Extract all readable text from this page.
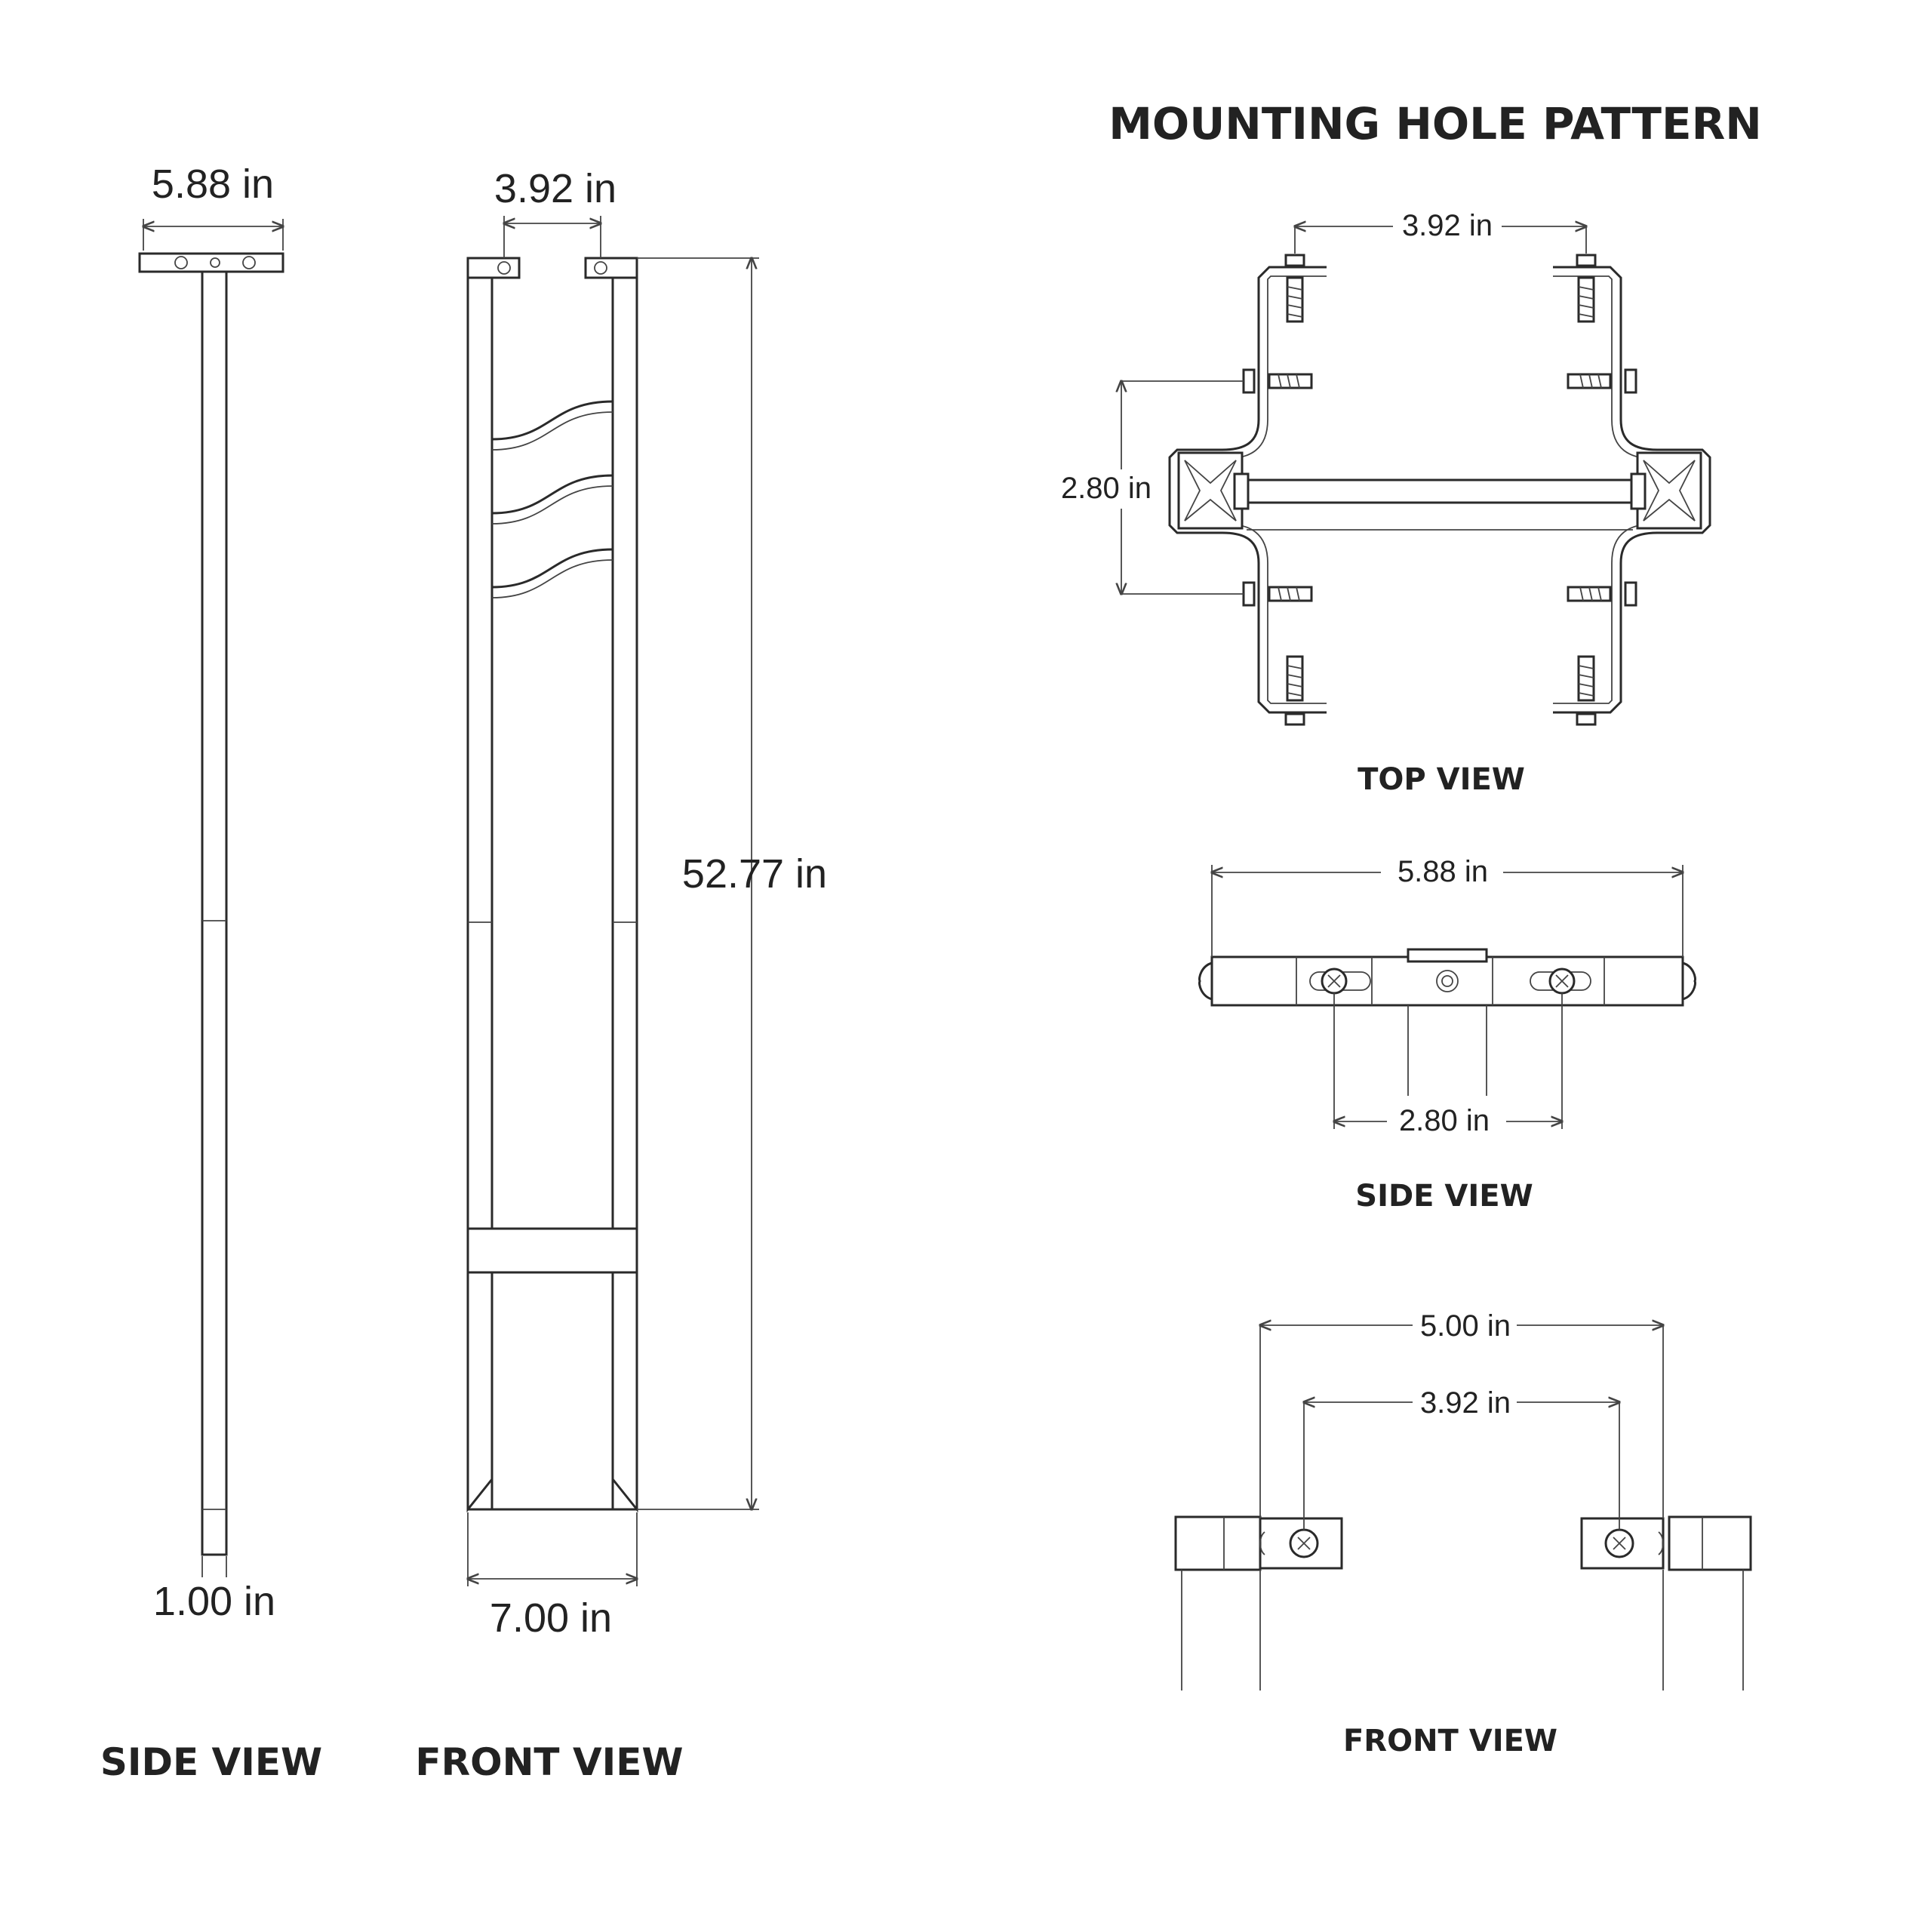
5.88 in
1.00 in
SIDE VIEW
3.92 in
52.77 in
7.00 in
FRONT VIEW
MOUNTING HOLE PATTERN
3.92 in
2.80 in
TOP VIEW
5.88 in
2.80 in
SIDE VIEW
5.00 in
3.92 in
FRONT VIEW
